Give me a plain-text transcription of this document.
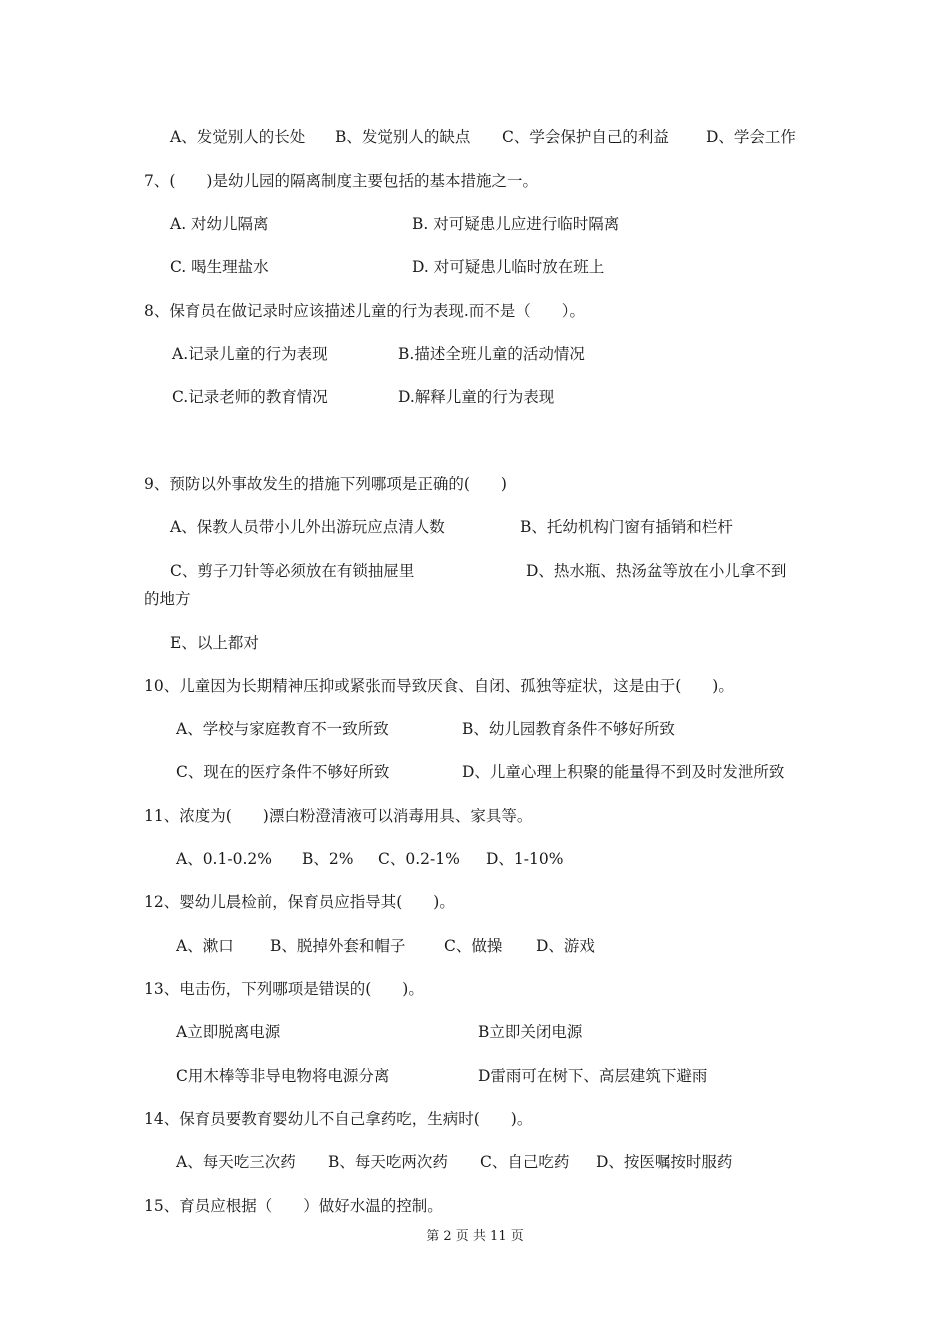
A、发觉别人的长处 B、发觉别人的缺点 C、学会保护自己的利益 D、学会工作
7、(　　)是幼儿园的隔离制度主要包括的基本措施之一。
A. 对幼儿隔离	B. 对可疑患儿应进行临时隔离
C. 喝生理盐水	D. 对可疑患儿临时放在班上
8、保育员在做记录时应该描述儿童的行为表现.而不是（　　）。
A.记录儿童的行为表现	B.描述全班儿童的活动情况
C.记录老师的教育情况	D.解释儿童的行为表现
9、预防以外事故发生的措施下列哪项是正确的(　　)
A、保教人员带小儿外出游玩应点清人数	B、托幼机构门窗有插销和栏杆
C、剪子刀针等必须放在有锁抽屉里	D、热水瓶、热汤盆等放在小儿拿不到
的地方
E、以上都对
10、儿童因为长期精神压抑或紧张而导致厌食、自闭、孤独等症状，这是由于(　　)。
A、学校与家庭教育不一致所致	B、幼儿园教育条件不够好所致
C、现在的医疗条件不够好所致	D、儿童心理上积聚的能量得不到及时发泄所致
11、浓度为(　　)漂白粉澄清液可以消毒用具、家具等。
A、0.1-0.2% B、2% C、0.2-1% D、1-10%
12、婴幼儿晨检前，保育员应指导其(　　)。
A、漱口 B、脱掉外套和帽子 C、做操 D、游戏
13、电击伤，下列哪项是错误的(　　)。
A立即脱离电源	B立即关闭电源
C用木棒等非导电物将电源分离	D雷雨可在树下、高层建筑下避雨
14、保育员要教育婴幼儿不自己拿药吃，生病时(　　)。
A、每天吃三次药 B、每天吃两次药 C、自己吃药 D、按医嘱按时服药
15、育员应根据（　　）做好水温的控制。
第 2 页 共 11 页
